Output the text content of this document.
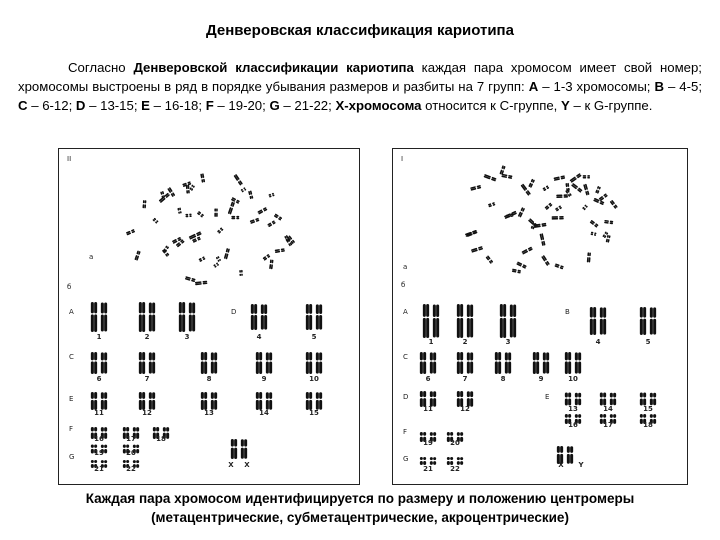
Денверовская классификация кариотипа

Согласно Денверовской классификации кариотипа каждая пара хромосом имеет свой номер; хромосомы выстроены в ряд в порядке убывания размеров и разбиты на 7 групп: А – 1-3 хромосомы; В – 4-5; С – 6-12; D – 13-15; Е – 16-18; F – 19-20; G – 21-22; Х-хромосома относится к С-группе, Y – к G-группе.

II
a
б
A	D
C
E
F
G
1	2	3	4	5
6	7	8	9	10
11	12	13	14	15
16	17	18
19	20
21	22	X X
I
a
б
A	B
C
D	E
F
G
1	2	3	4	5
6	7	8	9	10
11	12	13	14	15
16	17	18
19 20
21 22	X Y
Каждая пара хромосом идентифицируется по размеру и положению центромеры
(метацентрические, субметацентрические, акроцентрические)
